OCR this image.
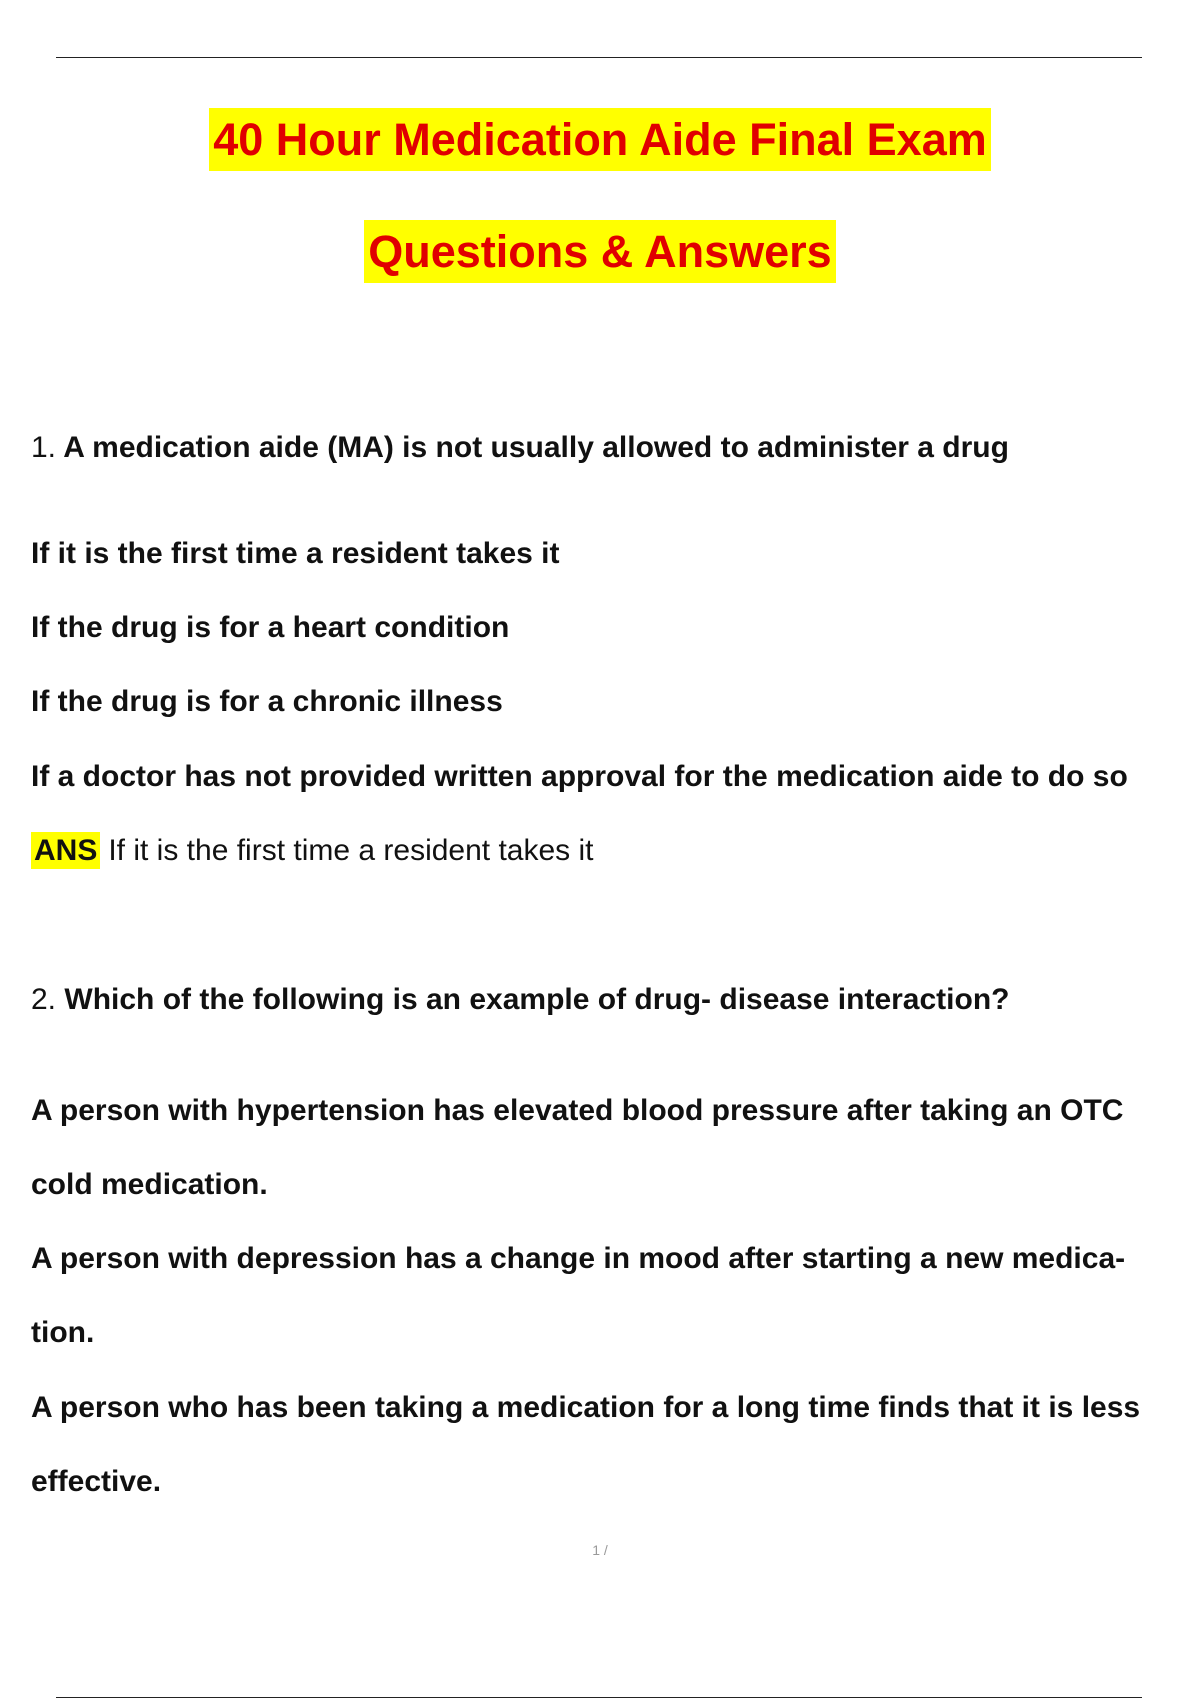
40 Hour Medication Aide Final Exam
Questions & Answers
1. A medication aide (MA) is not usually allowed to administer a drug
If it is the first time a resident takes it
If the drug is for a heart condition
If the drug is for a chronic illness
If a doctor has not provided written approval for the medication aide to do so
ANS If it is the first time a resident takes it
2. Which of the following is an example of drug- disease interaction?
A person with hypertension has elevated blood pressure after taking an OTC
cold medication.
A person with depression has a change in mood after starting a new medica-
tion.
A person who has been taking a medication for a long time finds that it is less
effective.
1 /
